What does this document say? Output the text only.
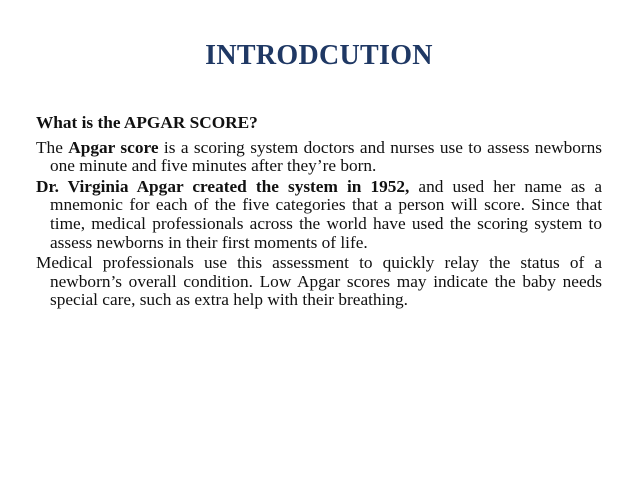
INTRODCUTION
What is the APGAR SCORE?

The Apgar score is a scoring system doctors and nurses use to assess newborns one minute and five minutes after they’re born.

Dr. Virginia Apgar created the system in 1952, and used her name as a mnemonic for each of the five categories that a person will score. Since that time, medical professionals across the world have used the scoring system to assess newborns in their first moments of life.

Medical professionals use this assessment to quickly relay the status of a newborn’s overall condition. Low Apgar scores may indicate the baby needs special care, such as extra help with their breathing.
